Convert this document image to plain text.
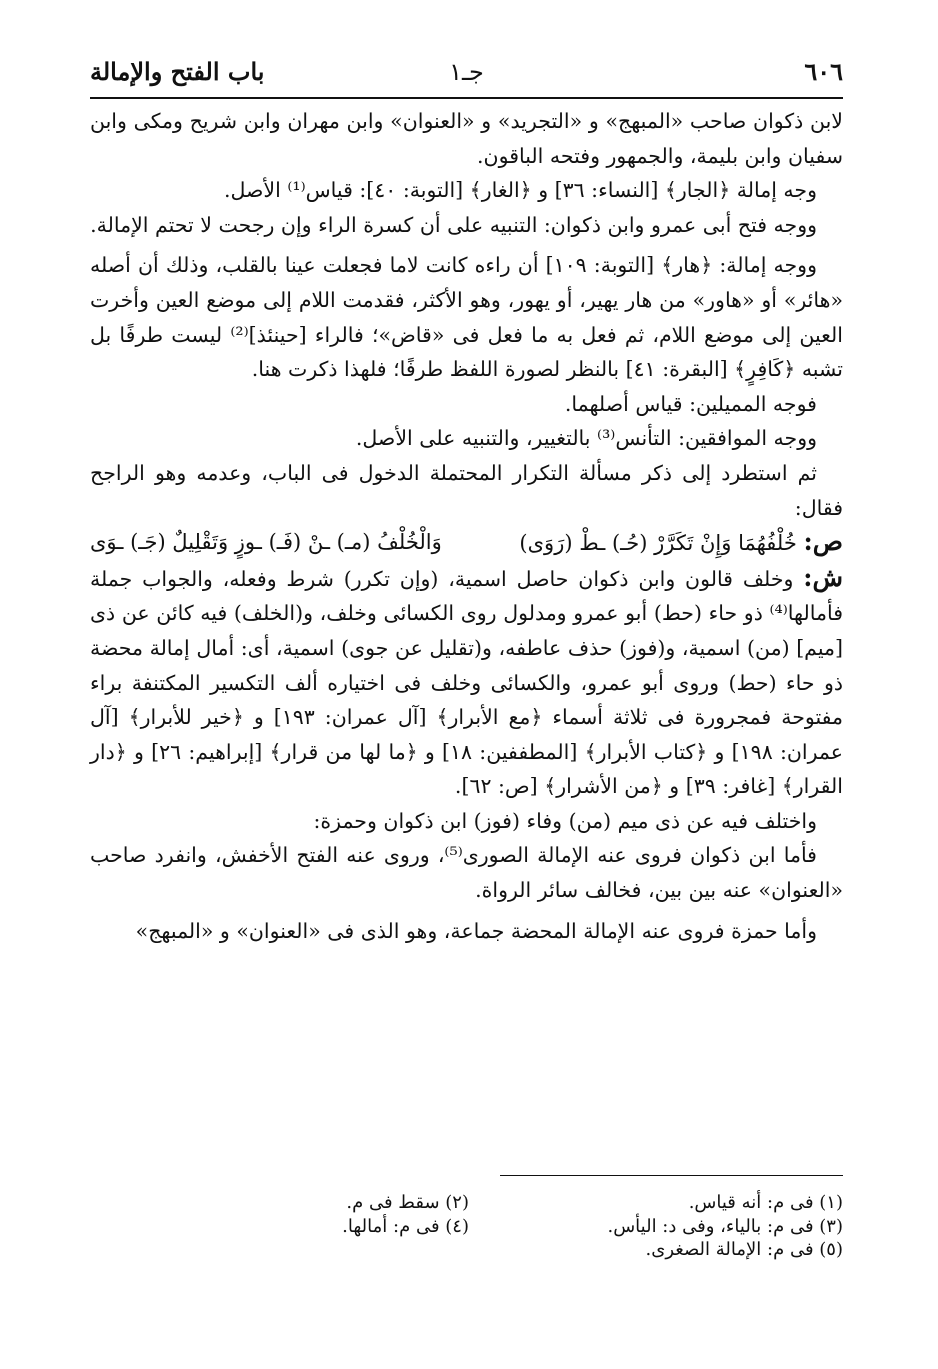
٦٠٦
جـ١
باب الفتح والإمالة

لابن ذكوان صاحب «المبهج» و «التجريد» و «العنوان» وابن مهران وابن شريح ومكى وابن سفيان وابن بليمة، والجمهور وفتحه الباقون.

وجه إمالة ﴿الجار﴾ [النساء: ٣٦] و ﴿الغار﴾ [التوبة: ٤٠]: قياس⁽¹⁾ الأصل.

ووجه فتح أبى عمرو وابن ذكوان: التنبيه على أن كسرة الراء وإن رجحت لا تحتم الإمالة.

ووجه إمالة: ﴿هار﴾ [التوبة: ١٠٩] أن راءه كانت لاما فجعلت عينا بالقلب، وذلك أن أصله «هائر» أو «هاور» من هار يهير، أو يهور، وهو الأكثر، فقدمت اللام إلى موضع العين وأخرت العين إلى موضع اللام، ثم فعل به ما فعل فى «قاض»؛ فالراء [حينئذ]⁽²⁾ ليست طرفًا بل تشبه ﴿كَافِرٍ﴾ [البقرة: ٤١] بالنظر لصورة اللفظ طرفًا؛ فلهذا ذكرت هنا.

فوجه المميلين: قياس أصلهما.

ووجه الموافقين: التأنس⁽³⁾ بالتغيير، والتنبيه على الأصل.

ثم استطرد إلى ذكر مسألة التكرار المحتملة الدخول فى الباب، وعدمه وهو الراجح فقال:

ص: خُلْفُهُمَا وَإِنْ تَكَرَّرْ (حُـ) ـطْ (رَوَى)
وَالْخُلْفُ (مـ) ـنْ (فَـ) ـوزٍ وَتَقْلِيلٌ (جَـ) ـوَى

ش: وخلف قالون وابن ذكوان حاصل اسمية، (وإن تكرر) شرط وفعله، والجواب جملة فأمالها⁽⁴⁾ ذو حاء (حط) أبو عمرو ومدلول روى الكسائى وخلف، و(الخلف) فيه كائن عن ذى [ميم] (من) اسمية، و(فوز) حذف عاطفه، و(تقليل عن جوى) اسمية، أى: أمال إمالة محضة ذو حاء (حط) وروى أبو عمرو، والكسائى وخلف فى اختياره ألف التكسير المكتنفة براء مفتوحة فمجرورة فى ثلاثة أسماء ﴿مع الأبرار﴾ [آل عمران: ١٩٣] و ﴿خير للأبرار﴾ [آل عمران: ١٩٨] و ﴿كتاب الأبرار﴾ [المطففين: ١٨] و ﴿ما لها من قرار﴾ [إبراهيم: ٢٦] و ﴿دار القرار﴾ [غافر: ٣٩] و ﴿من الأشرار﴾ [ص: ٦٢].

واختلف فيه عن ذى ميم (من) وفاء (فوز) ابن ذكوان وحمزة:

فأما ابن ذكوان فروى عنه الإمالة الصورى⁽⁵⁾، وروى عنه الفتح الأخفش، وانفرد صاحب «العنوان» عنه بين بين، فخالف سائر الرواة.

وأما حمزة فروى عنه الإمالة المحضة جماعة، وهو الذى فى «العنوان» و «المبهج»

(١) فى م: أنه قياس.
(٢) سقط فى م.
(٣) فى م: بالياء، وفى د: اليأس.
(٤) فى م: أمالها.
(٥) فى م: الإمالة الصغرى.
